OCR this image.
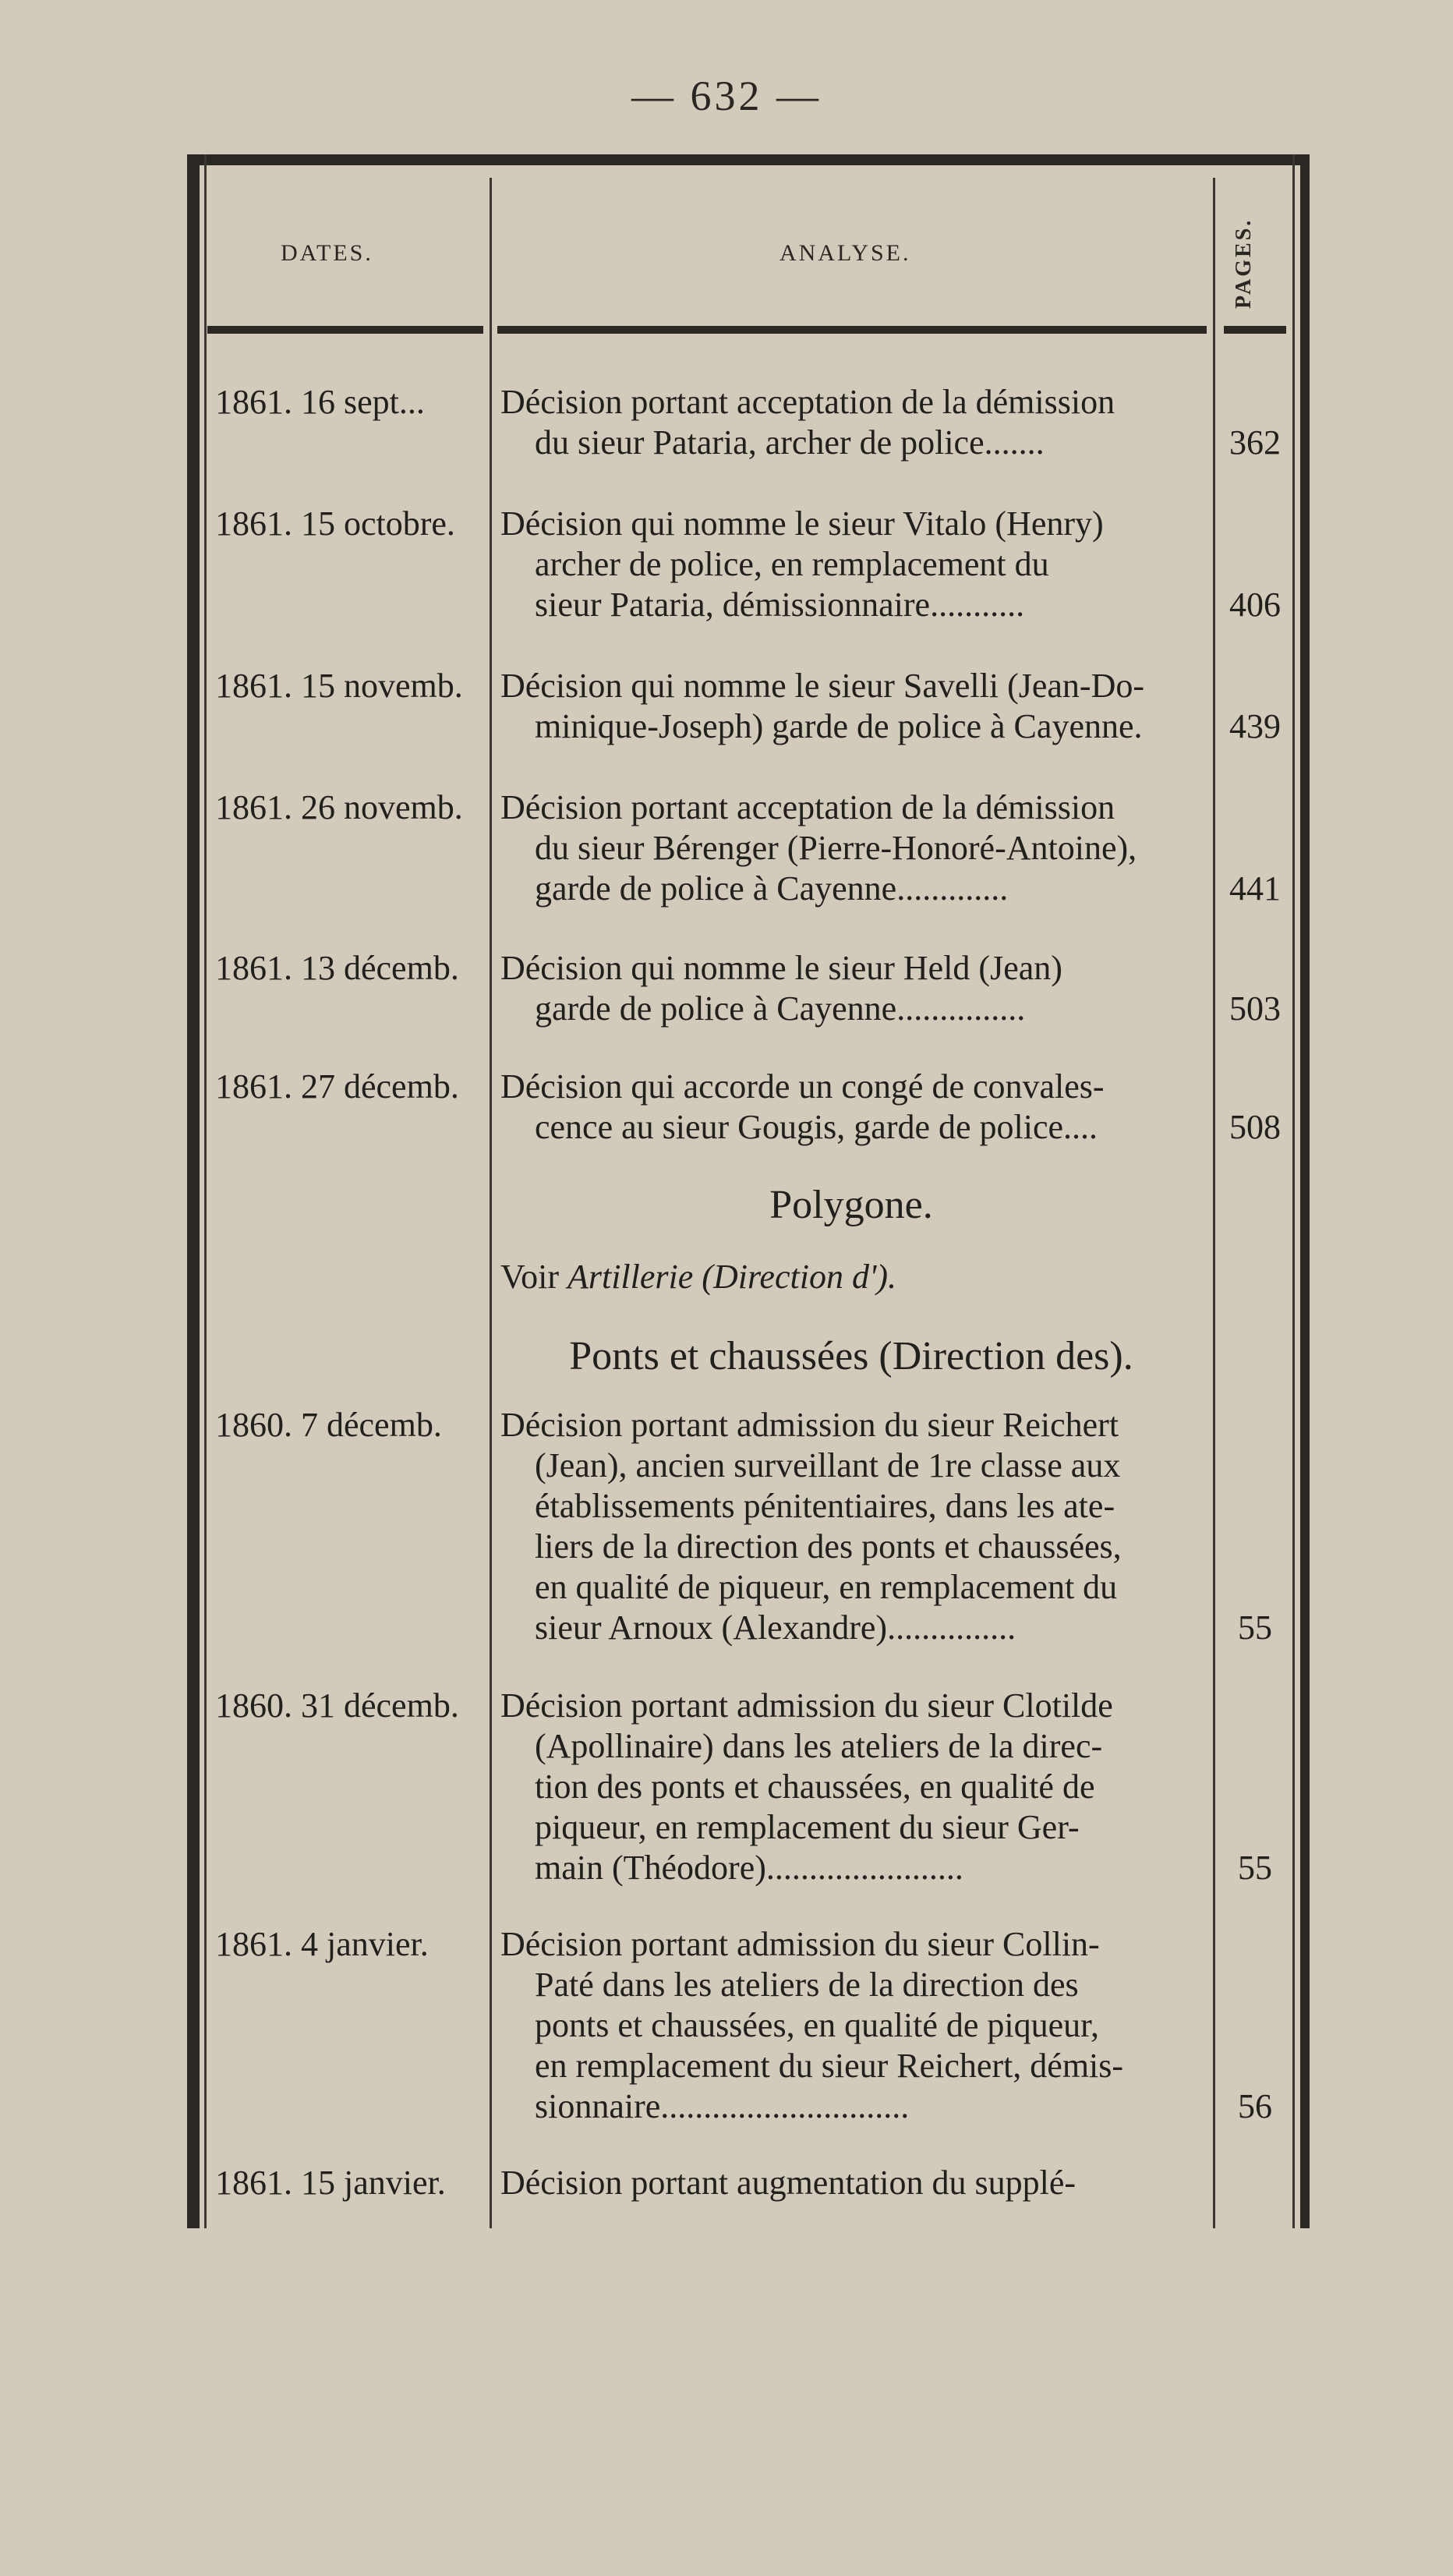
— 632 —
DATES.	ANALYSE.	PAGES.
1861. 16 sept...	Décision portant acceptation de la démission
du sieur Pataria, archer de police.......	362
1861. 15 octobre.	Décision qui nomme le sieur Vitalo (Henry)
archer de police, en remplacement du
sieur Pataria, démissionnaire...........	406
1861. 15 novemb.	Décision qui nomme le sieur Savelli (Jean-Do-
minique-Joseph) garde de police à Cayenne.	439
1861. 26 novemb.	Décision portant acceptation de la démission
du sieur Bérenger (Pierre-Honoré-Antoine),
garde de police à Cayenne.............	441
1861. 13 décemb.	Décision qui nomme le sieur Held (Jean)
garde de police à Cayenne...............	503
1861. 27 décemb.	Décision qui accorde un congé de convales-
cence au sieur Gougis, garde de police....	508
Polygone.
Voir Artillerie (Direction d').
Ponts et chaussées (Direction des).
1860. 7 décemb.	Décision portant admission du sieur Reichert
(Jean), ancien surveillant de 1re classe aux
établissements pénitentiaires, dans les ate-
liers de la direction des ponts et chaussées,
en qualité de piqueur, en remplacement du
sieur Arnoux (Alexandre)...............	55
1860. 31 décemb.	Décision portant admission du sieur Clotilde
(Apollinaire) dans les ateliers de la direc-
tion des ponts et chaussées, en qualité de
piqueur, en remplacement du sieur Ger-
main (Théodore).......................	55
1861. 4 janvier.	Décision portant admission du sieur Collin-
Paté dans les ateliers de la direction des
ponts et chaussées, en qualité de piqueur,
en remplacement du sieur Reichert, démis-
sionnaire.............................	56
1861. 15 janvier.	Décision portant augmentation du supplé-
